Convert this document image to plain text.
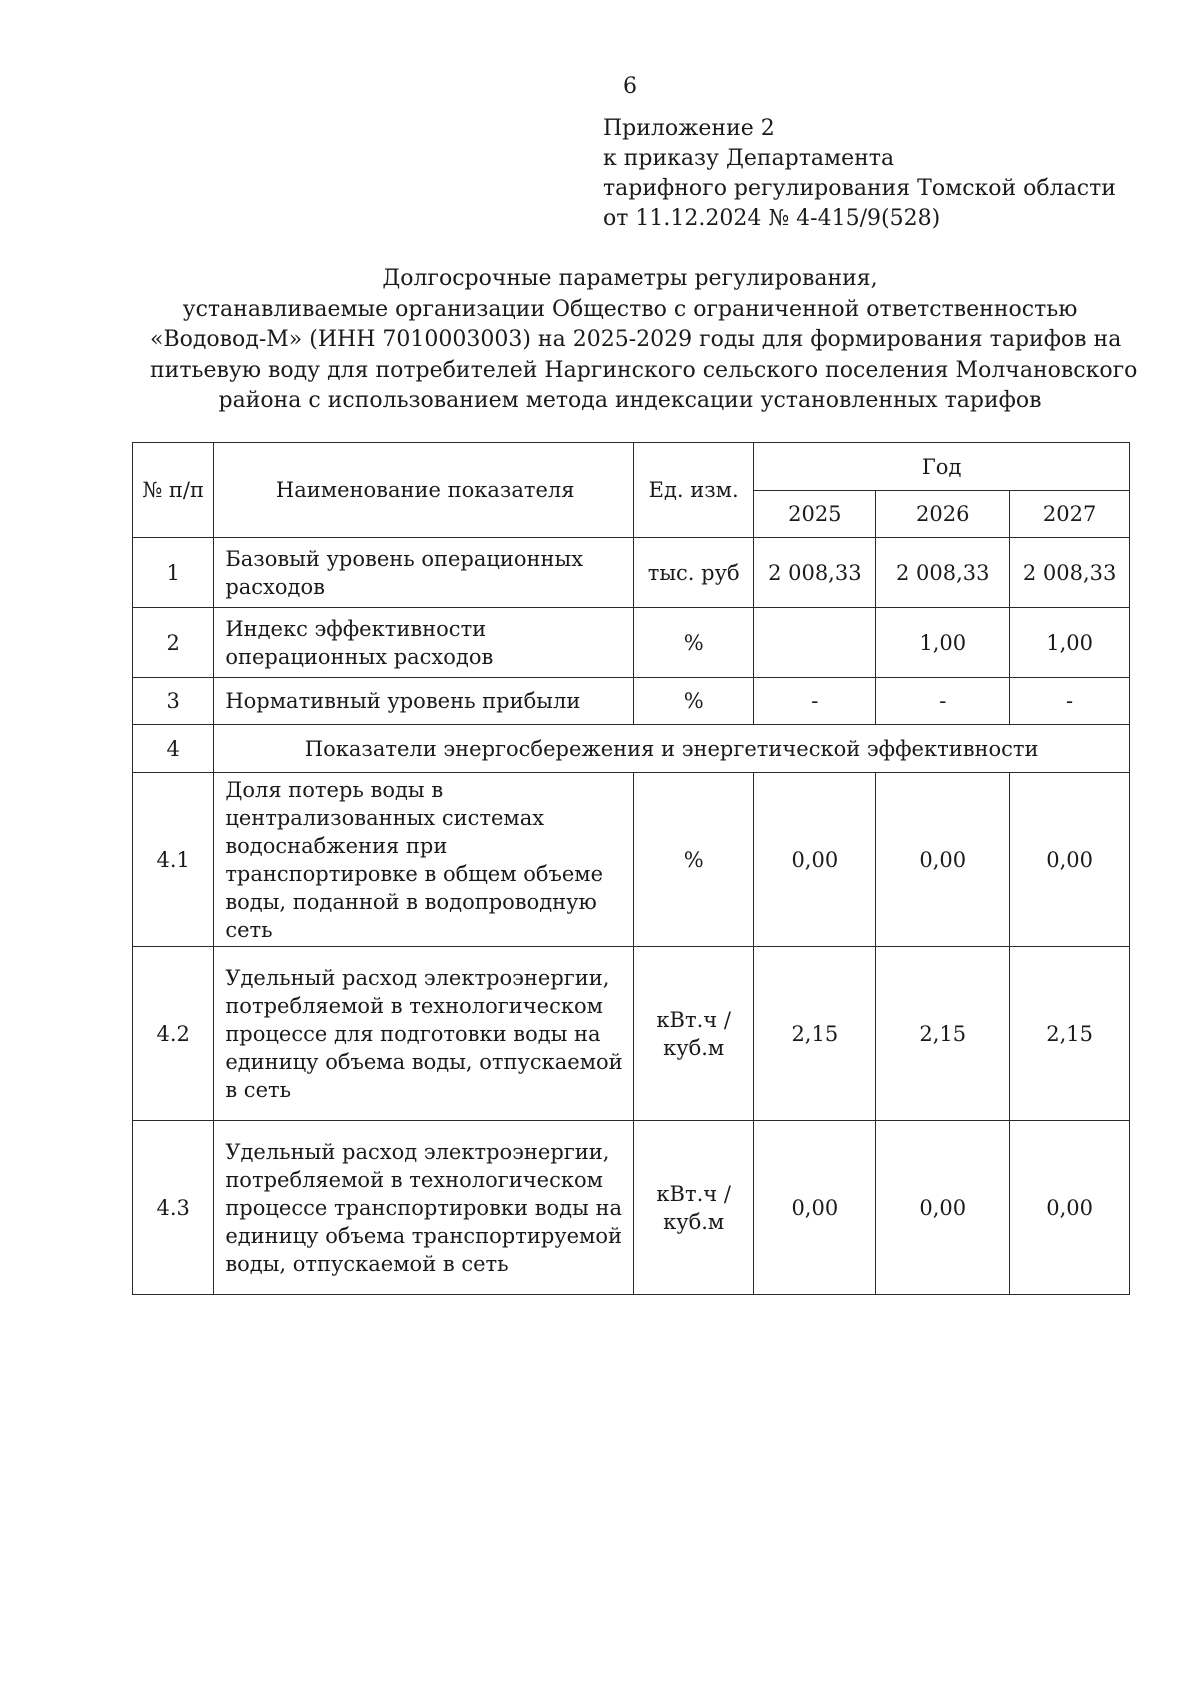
6
Приложение 2
к приказу Департамента
тарифного регулирования Томской области
от 11.12.2024 № 4-415/9(528)
Долгосрочные параметры регулирования,
устанавливаемые организации Общество с ограниченной ответственностью
«Водовод-М» (ИНН 7010003003) на 2025-2029 годы для формирования тарифов на
питьевую воду для потребителей Наргинского сельского поселения Молчановского
района с использованием метода индексации установленных тарифов
№ п/п	Наименование показателя	Ед. изм.	Год		
			2025	2026	2027
1	Базовый уровень операционных расходов	тыс. руб	2 008,33	2 008,33	2 008,33
2	Индекс эффективности операционных расходов	%		1,00	1,00
3	Нормативный уровень прибыли	%	-	-	-
4	Показатели энергосбережения и энергетической эффективности				
4.1	Доля потерь воды в централизованных системах водоснабжения при транспортировке в общем объеме воды, поданной в водопроводную сеть	%	0,00	0,00	0,00
4.2	Удельный расход электроэнергии, потребляемой в технологическом процессе для подготовки воды на единицу объема воды, отпускаемой в сеть	кВт.ч / куб.м	2,15	2,15	2,15
4.3	Удельный расход электроэнергии, потребляемой в технологическом процессе транспортировки воды на единицу объема транспортируемой воды, отпускаемой в сеть	кВт.ч / куб.м	0,00	0,00	0,00
